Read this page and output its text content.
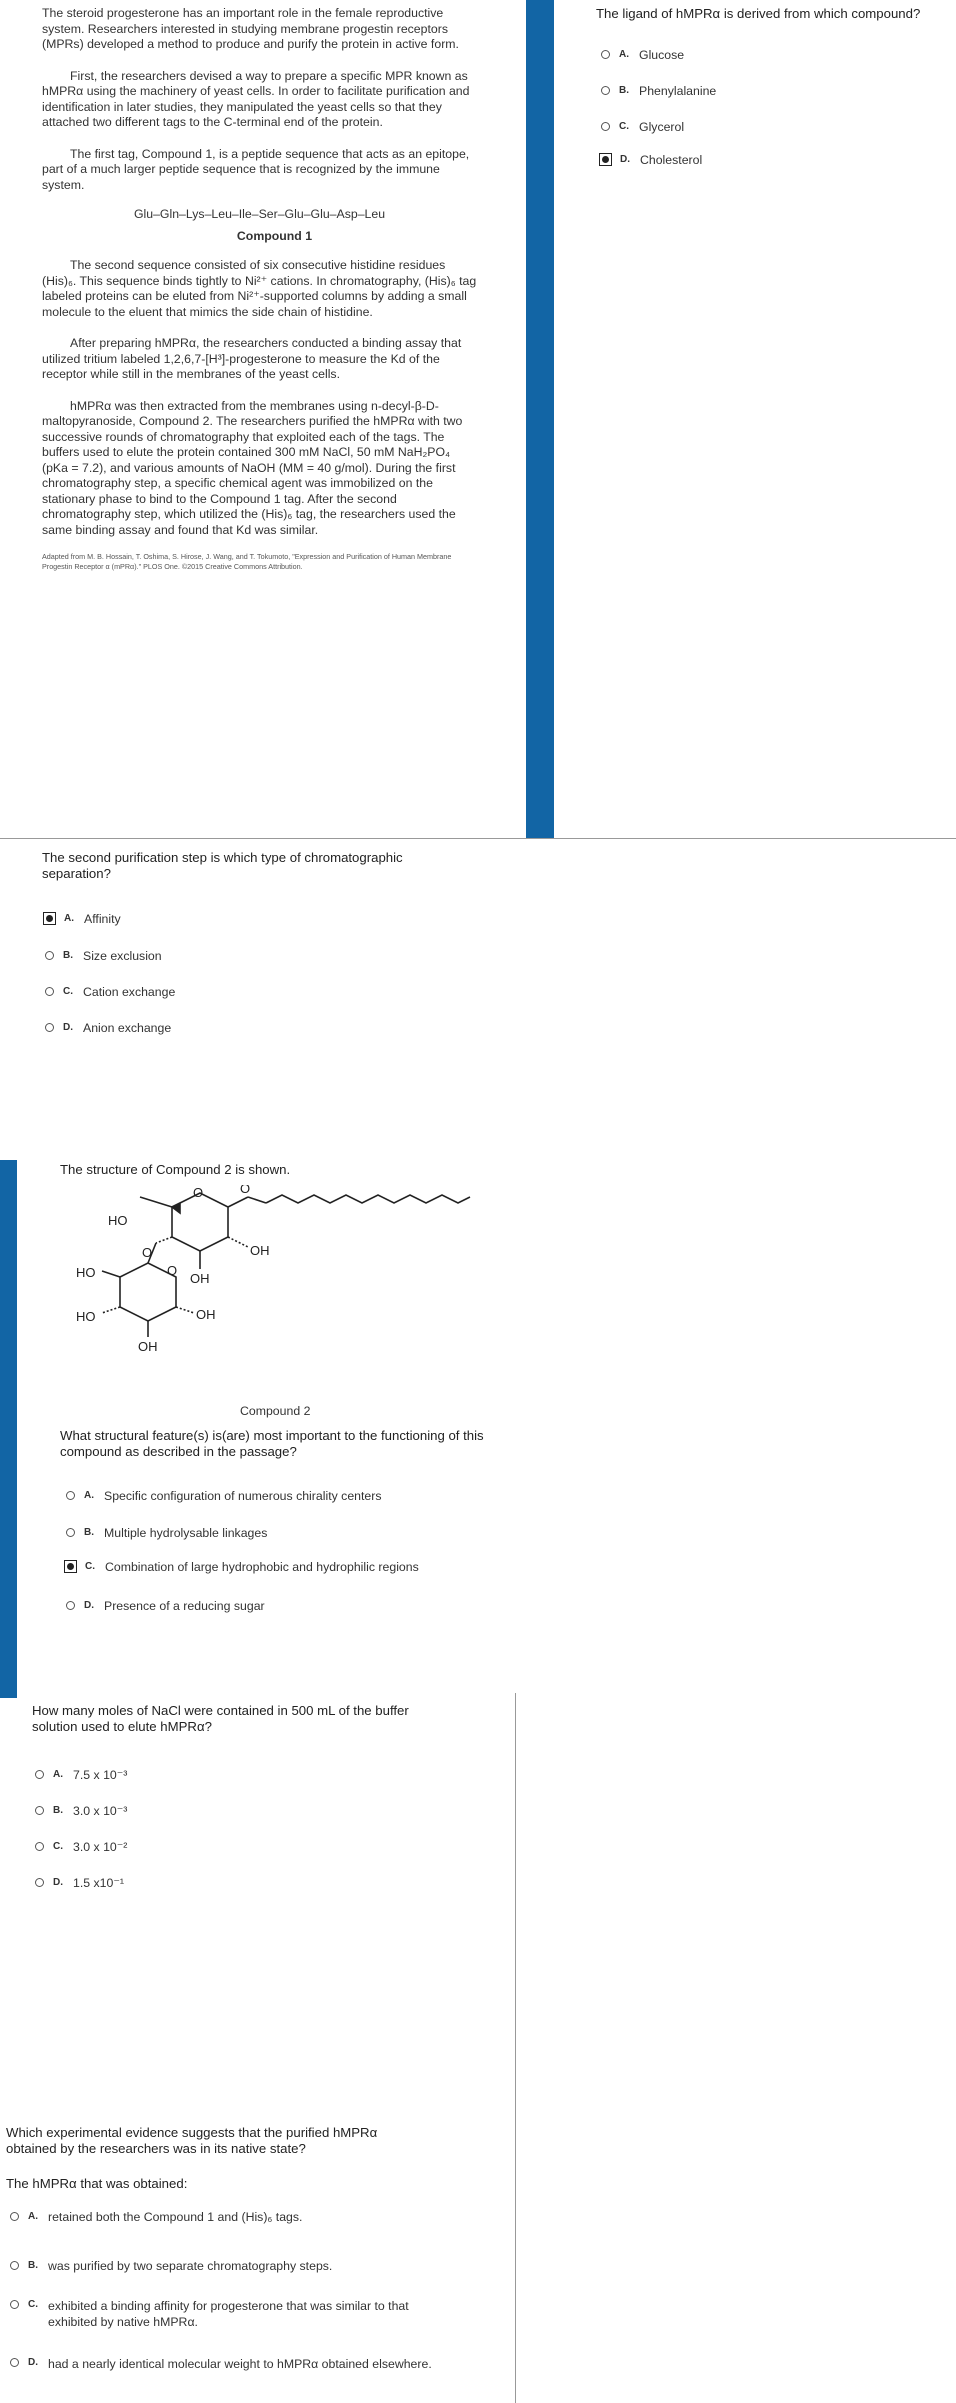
The steroid progesterone has an important role in the female reproductive system. Researchers interested in studying membrane progestin receptors (MPRs) developed a method to produce and purify the protein in active form.

First, the researchers devised a way to prepare a specific MPR known as hMPRα using the machinery of yeast cells. In order to facilitate purification and identification in later studies, they manipulated the yeast cells so that they attached two different tags to the C-terminal end of the protein.

The first tag, Compound 1, is a peptide sequence that acts as an epitope, part of a much larger peptide sequence that is recognized by the immune system.

Glu–Gln–Lys–Leu–Ile–Ser–Glu–Glu–Asp–Leu
Compound 1

The second sequence consisted of six consecutive histidine residues (His)₆. This sequence binds tightly to Ni²⁺ cations. In chromatography, (His)₆ tag labeled proteins can be eluted from Ni²⁺-supported columns by adding a small molecule to the eluent that mimics the side chain of histidine.

After preparing hMPRα, the researchers conducted a binding assay that utilized tritium labeled 1,2,6,7-[H³]-progesterone to measure the Kd of the receptor while still in the membranes of the yeast cells.

hMPRα was then extracted from the membranes using n-decyl-β-D-maltopyranoside, Compound 2. The researchers purified the hMPRα with two successive rounds of chromatography that exploited each of the tags. The buffers used to elute the protein contained 300 mM NaCl, 50 mM NaH₂PO₄ (pKa = 7.2), and various amounts of NaOH (MM = 40 g/mol). During the first chromatography step, a specific chemical agent was immobilized on the stationary phase to bind to the Compound 1 tag. After the second chromatography step, which utilized the (His)₆ tag, the researchers used the same binding assay and found that Kd was similar.

Adapted from M. B. Hossain, T. Oshima, S. Hirose, J. Wang, and T. Tokumoto, "Expression and Purification of Human Membrane Progestin Receptor α (mPRα)." PLOS One. ©2015 Creative Commons Attribution.
The ligand of hMPRα is derived from which compound?
A. Glucose
B. Phenylalanine
C. Glycerol
D. Cholesterol
The second purification step is which type of chromatographic separation?
A. Affinity
B. Size exclusion
C. Cation exchange
D. Anion exchange
The structure of Compound 2 is shown.
HO
O	O
OH
OH
O
O
HO
HO	OH
OH
Compound 2
What structural feature(s) is(are) most important to the functioning of this compound as described in the passage?
A. Specific configuration of numerous chirality centers
B. Multiple hydrolysable linkages
C. Combination of large hydrophobic and hydrophilic regions
D. Presence of a reducing sugar
How many moles of NaCl were contained in 500 mL of the buffer solution used to elute hMPRα?
A. 7.5 x 10⁻³
B. 3.0 x 10⁻³
C. 3.0 x 10⁻²
D. 1.5 x10⁻¹
Which experimental evidence suggests that the purified hMPRα obtained by the researchers was in its native state?
The hMPRα that was obtained:
A. retained both the Compound 1 and (His)₆ tags.
B. was purified by two separate chromatography steps.
C. exhibited a binding affinity for progesterone that was similar to that exhibited by native hMPRα.
D. had a nearly identical molecular weight to hMPRα obtained elsewhere.
